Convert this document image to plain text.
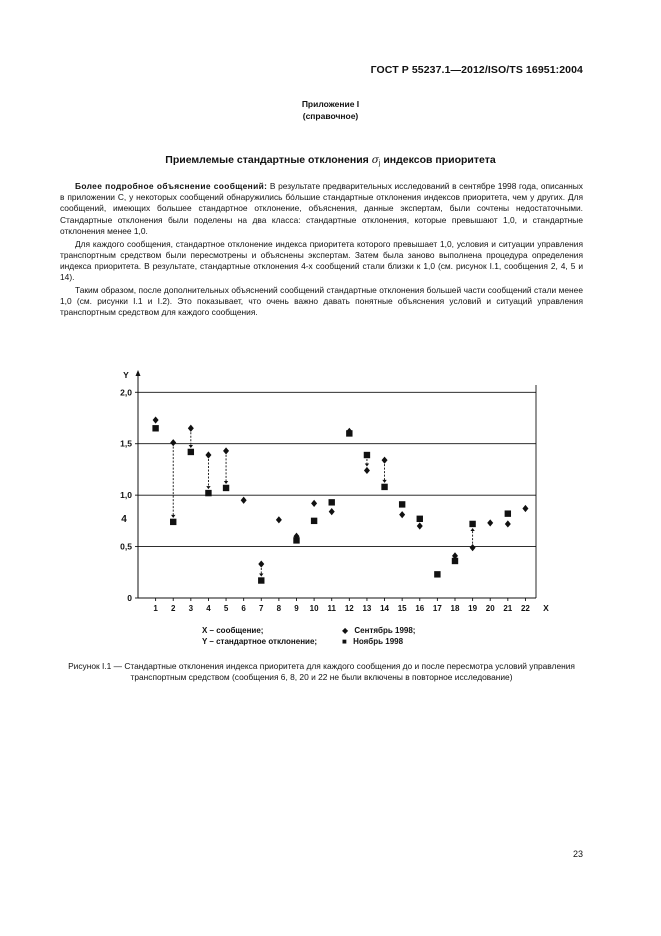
ГОСТ Р 55237.1—2012/ISO/TS 16951:2004
Приложение I
(справочное)
Приемлемые стандартные отклонения $\sigma_j$ индексов приоритета

Более подробное объяснение сообщений: В результате предварительных исследований в сентябре 1998 года, описанных в приложении С, у некоторых сообщений обнаружились бóльшие стандартные отклонения индексов приоритета, чем у других. Для сообщений, имеющих большее стандартное отклонение, объяснения, данные экспертам, были сочтены недостаточными. Стандартные отклонения были поделены на два класса: стандартные отклонения, которые превышают 1,0, и стандартные отклонения менее 1,0.

Для каждого сообщения, стандартное отклонение индекса приоритета которого превышает 1,0, условия и ситуации управления транспортным средством были пересмотрены и объяснены экспертам. Затем была заново выполнена процедура определения индекса приоритета. В результате, стандартные отклонения 4-х сообщений стали близки к 1,0 (см. рисунок I.1, сообщения 2, 4, 5 и 14).

Таким образом, после дополнительных объяснений сообщений стандартные отклонения большей части сообщений стали менее 1,0 (см. рисунки I.1 и I.2). Это показывает, что очень важно давать понятные объяснения условий и ситуаций управления транспортным средством для каждого сообщения.

0
0,5
1,0
1,5
2,0
4
Y
1 2 3 4 5 6 7 8 9 10 11 12 13 14 15 16 17 18 19 20 21 22 X
X – сообщение;
Y – стандартное отклонение;
◆ Сентябрь 1998;
■ Ноябрь 1998
Рисунок I.1 — Стандартные отклонения индекса приоритета для каждого сообщения до и после пересмотра условий управления транспортным средством (сообщения 6, 8, 20 и 22 не были включены в повторное исследование)
23
